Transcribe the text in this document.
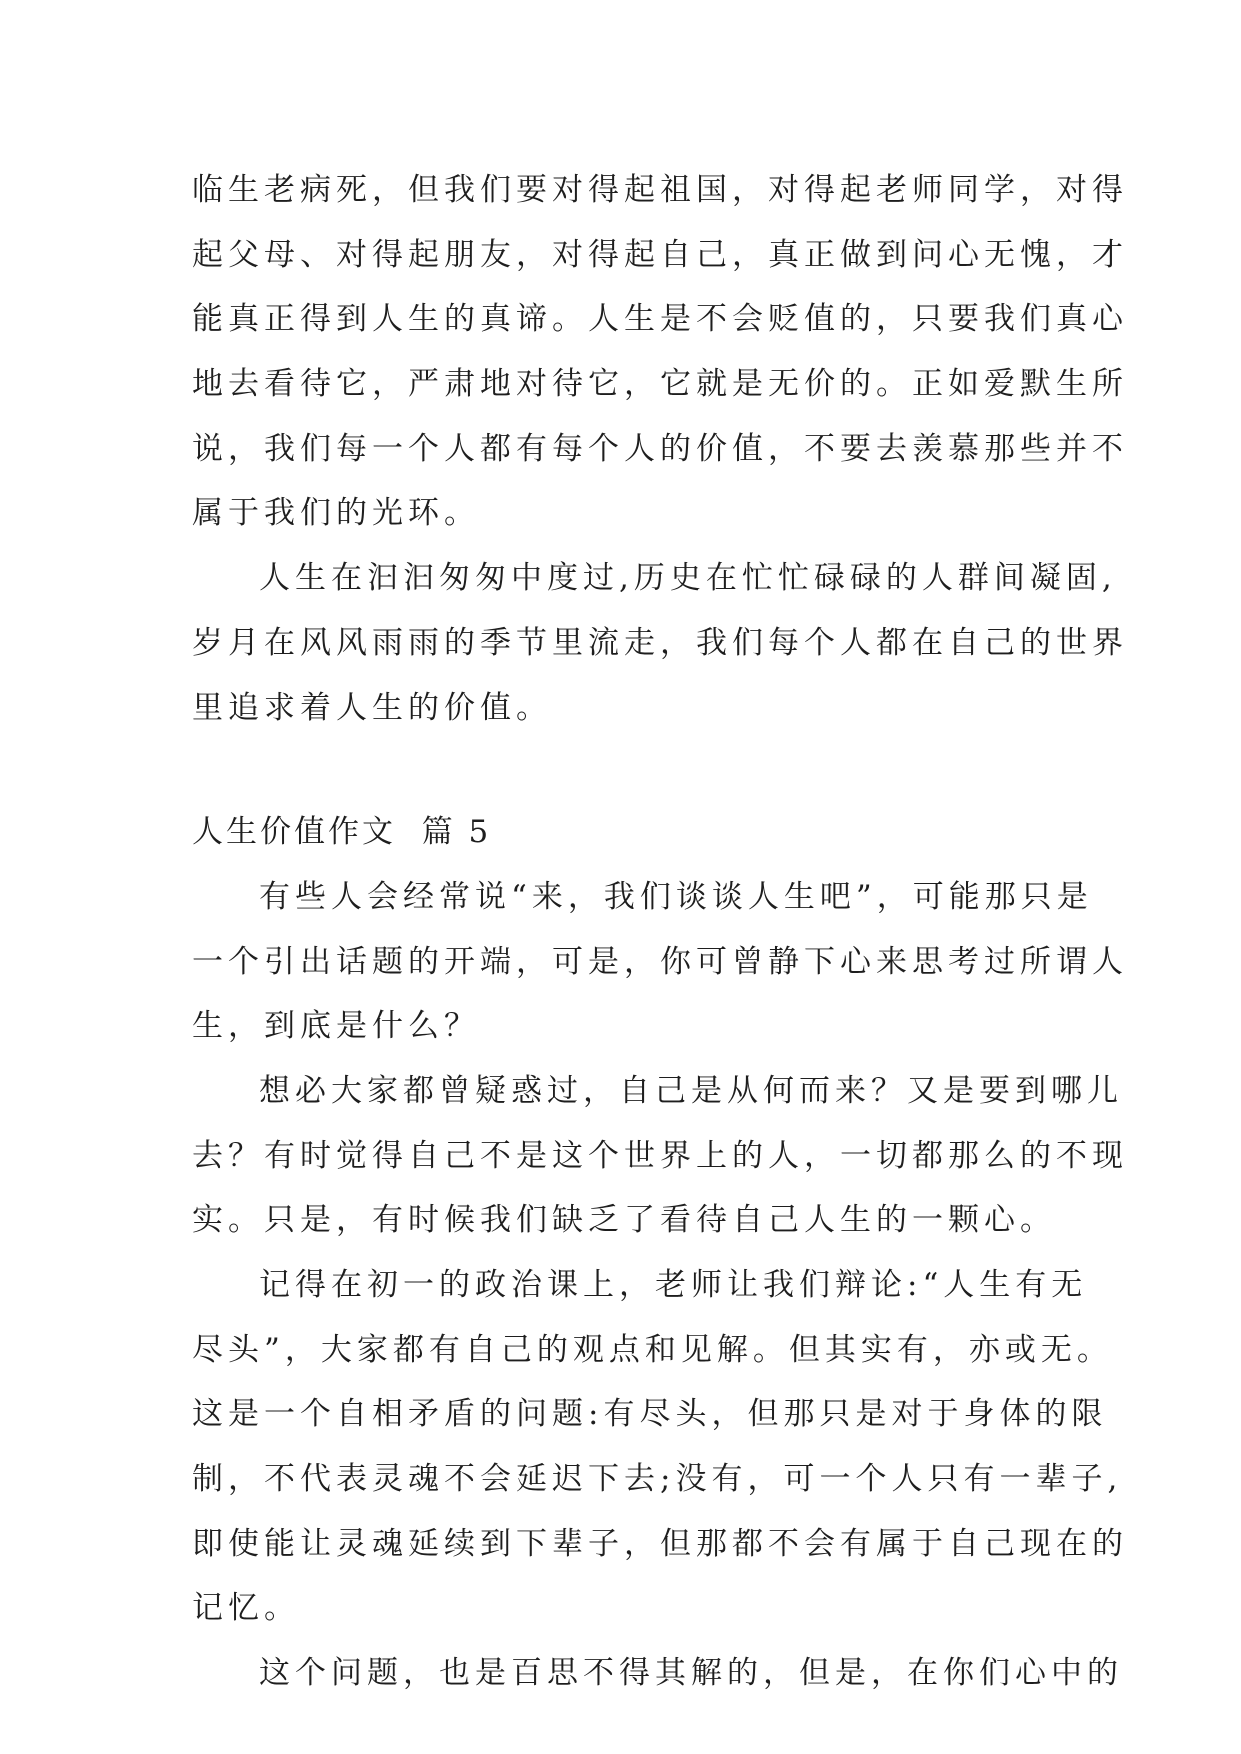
临生老病死，但我们要对得起祖国，对得起老师同学，对得
起父母、对得起朋友，对得起自己，真正做到问心无愧，才
能真正得到人生的真谛。人生是不会贬值的，只要我们真心
地去看待它，严肃地对待它，它就是无价的。正如爱默生所
说，我们每一个人都有每个人的价值，不要去羡慕那些并不
属于我们的光环。
人生在汩汩匆匆中度过,历史在忙忙碌碌的人群间凝固,
岁月在风风雨雨的季节里流走，我们每个人都在自己的世界
里追求着人生的价值。
人生价值作文  篇 5
有些人会经常说“来，我们谈谈人生吧”，可能那只是
一个引出话题的开端，可是，你可曾静下心来思考过所谓人
生，到底是什么？
想必大家都曾疑惑过，自己是从何而来？又是要到哪儿
去？有时觉得自己不是这个世界上的人，一切都那么的不现
实。只是，有时候我们缺乏了看待自己人生的一颗心。
记得在初一的政治课上，老师让我们辩论:“人生有无
尽头”，大家都有自己的观点和见解。但其实有，亦或无。
这是一个自相矛盾的问题:有尽头，但那只是对于身体的限
制，不代表灵魂不会延迟下去;没有，可一个人只有一辈子,
即使能让灵魂延续到下辈子，但那都不会有属于自己现在的
记忆。
这个问题，也是百思不得其解的，但是，在你们心中的
